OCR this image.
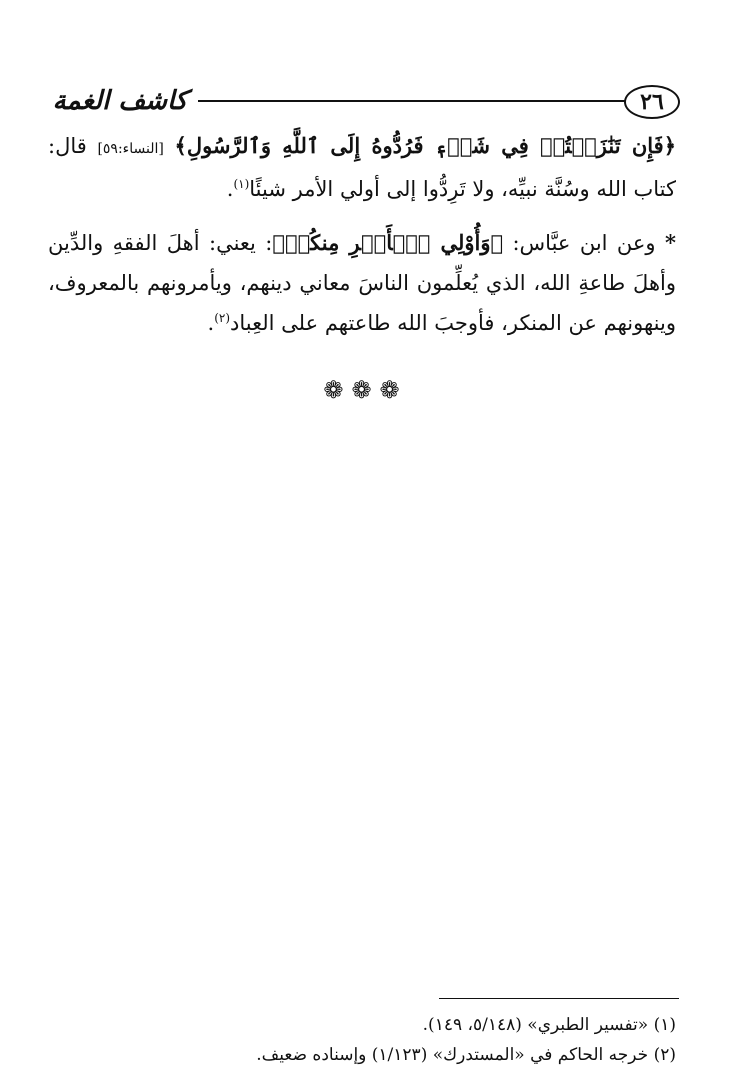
كاشف الغمة	٢٦

﴿فَإِن تَنَٰزَعۡتُمۡ فِي شَيۡءٖ فَرُدُّوهُ إِلَى ٱللَّهِ وَٱلرَّسُولِ﴾ [النساء:٥٩] قال: كتاب الله وسُنَّة نبيِّه، ولا تَرِدُّوا إلى أولي الأمر شيئًا$^{(١)}$.

* وعن ابن عبَّاس: ﴿وَأُوْلِي ٱلۡأَمۡرِ مِنكُمۡ﴾: يعني: أهلَ الفقهِ والدِّين وأهلَ طاعةِ الله، الذي يُعلِّمون الناسَ معاني دينهم، ويأمرونهم بالمعروف، وينهونهم عن المنكر، فأوجبَ الله طاعتهم على العِباد$^{(٢)}$.

❁❁❁

(١) «تفسير الطبري» (٥/١٤٨، ١٤٩).

(٢) خرجه الحاكم في «المستدرك» (١/١٢٣) وإسناده ضعيف.
